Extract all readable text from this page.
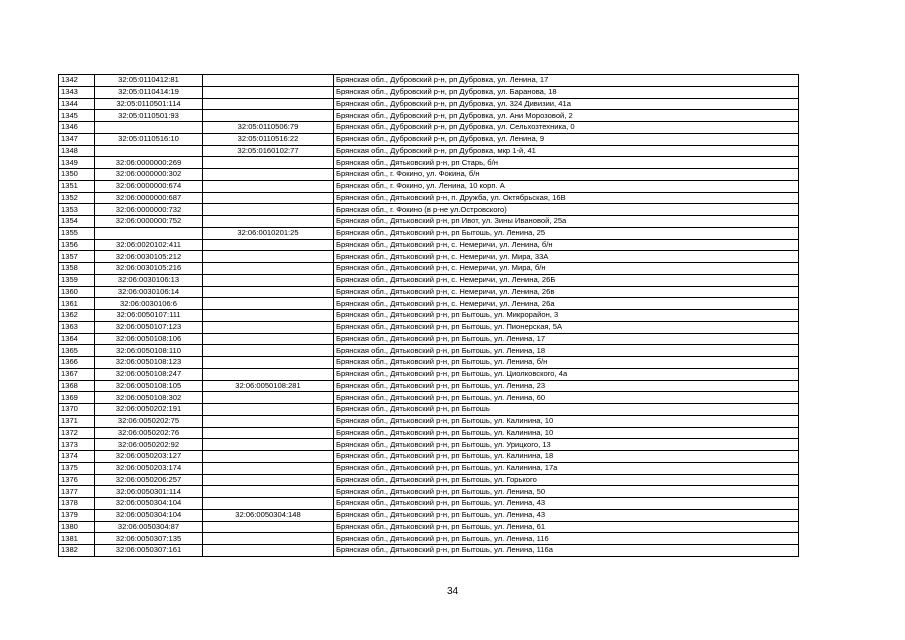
1342	32:05:0110412:81		Брянская обл., Дубровский р-н, рп Дубровка, ул. Ленина, 17
1343	32:05:0110414:19		Брянская обл., Дубровский р-н, рп Дубровка, ул. Баранова, 18
1344	32:05:0110501:114		Брянская обл., Дубровский р-н, рп Дубровка, ул. 324 Дивизии, 41а
1345	32:05:0110501:93		Брянская обл., Дубровский р-н, рп Дубровка, ул. Ани Морозовой, 2
1346		32:05:0110506:79	Брянская обл., Дубровский р-н, рп Дубровка, ул. Сельхозтехника, 0
1347	32:05:0110516:10	32:05:0110516:22	Брянская обл., Дубровский р-н, рп Дубровка, ул. Ленина, 9
1348		32:05:0160102:77	Брянская обл., Дубровский р-н, рп Дубровка, мкр 1-й, 41
1349	32:06:0000000:269		Брянская обл., Дятьковский р-н, рп Старь, б/н
1350	32:06:0000000:302		Брянская обл., г. Фокино, ул. Фокина, б/н
1351	32:06:0000000:674		Брянская обл., г. Фокино, ул. Ленина, 10 корп. А
1352	32:06:0000000:687		Брянская обл., Дятьковский р-н, п. Дружба, ул. Октябрьская, 16В
1353	32:06:0000000:732		Брянская обл., г. Фокино (в р-не ул.Островского)
1354	32:06:0000000:752		Брянская обл., Дятьковский р-н, рп Ивот, ул. Зины Ивановой, 25а
1355		32:06:0010201:25	Брянская обл., Дятьковский р-н, рп Бытошь, ул. Ленина, 25
1356	32:06:0020102:411		Брянская обл., Дятьковский р-н, с. Немеричи, ул. Ленина, б/н
1357	32:06:0030105:212		Брянская обл., Дятьковский р-н, с. Немеричи, ул. Мира, 33А
1358	32:06:0030105:216		Брянская обл., Дятьковский р-н, с. Немеричи, ул. Мира, б/н
1359	32:06:0030106:13		Брянская обл., Дятьковский р-н, с. Немеричи, ул. Ленина, 26Б
1360	32:06:0030106:14		Брянская обл., Дятьковский р-н, с. Немеричи, ул. Ленина, 26в
1361	32:06:0030106:6		Брянская обл., Дятьковский р-н, с. Немеричи, ул. Ленина, 26а
1362	32:06:0050107:111		Брянская обл., Дятьковский р-н, рп Бытошь, ул. Микрорайон, 3
1363	32:06:0050107:123		Брянская обл., Дятьковский р-н, рп Бытошь, ул. Пионерская, 5А
1364	32:06:0050108:106		Брянская обл., Дятьковский р-н, рп Бытошь, ул. Ленина, 17
1365	32:06:0050108:110		Брянская обл., Дятьковский р-н, рп Бытошь, ул. Ленина, 18
1366	32:06:0050108:123		Брянская обл., Дятьковский р-н, рп Бытошь, ул. Ленина, б/н
1367	32:06:0050108:247		Брянская обл., Дятьковский р-н, рп Бытошь, ул. Циолковского, 4а
1368	32:06:0050108:105	32:06:0050108:281	Брянская обл., Дятьковский р-н, рп Бытошь, ул. Ленина, 23
1369	32:06:0050108:302		Брянская обл., Дятьковский р-н, рп Бытошь, ул. Ленина, 60
1370	32:06:0050202:191		Брянская обл., Дятьковский р-н, рп Бытошь
1371	32:06:0050202:75		Брянская обл., Дятьковский р-н, рп Бытошь, ул. Калинина, 10
1372	32:06:0050202:76		Брянская обл., Дятьковский р-н, рп Бытошь, ул. Калинина, 10
1373	32:06:0050202:92		Брянская обл., Дятьковский р-н, рп Бытошь, ул. Урицкого, 13
1374	32:06:0050203:127		Брянская обл., Дятьковский р-н, рп Бытошь, ул. Калинина, 18
1375	32:06:0050203:174		Брянская обл., Дятьковский р-н, рп Бытошь, ул. Калинина, 17а
1376	32:06:0050206:257		Брянская обл., Дятьковский р-н, рп Бытошь, ул. Горького
1377	32:06:0050301:114		Брянская обл., Дятьковский р-н, рп Бытошь, ул. Ленина, 50
1378	32:06:0050304:104		Брянская обл., Дятьковский р-н, рп Бытошь, ул. Ленина, 43
1379	32:06:0050304:104	32:06:0050304:148	Брянская обл., Дятьковский р-н, рп Бытошь, ул. Ленина, 43
1380	32:06:0050304:87		Брянская обл., Дятьковский р-н, рп Бытошь, ул. Ленина, 61
1381	32:06:0050307:135		Брянская обл., Дятьковский р-н, рп Бытошь, ул. Ленина, 116
1382	32:06:0050307:161		Брянская обл., Дятьковский р-н, рп Бытошь, ул. Ленина, 116а
34
